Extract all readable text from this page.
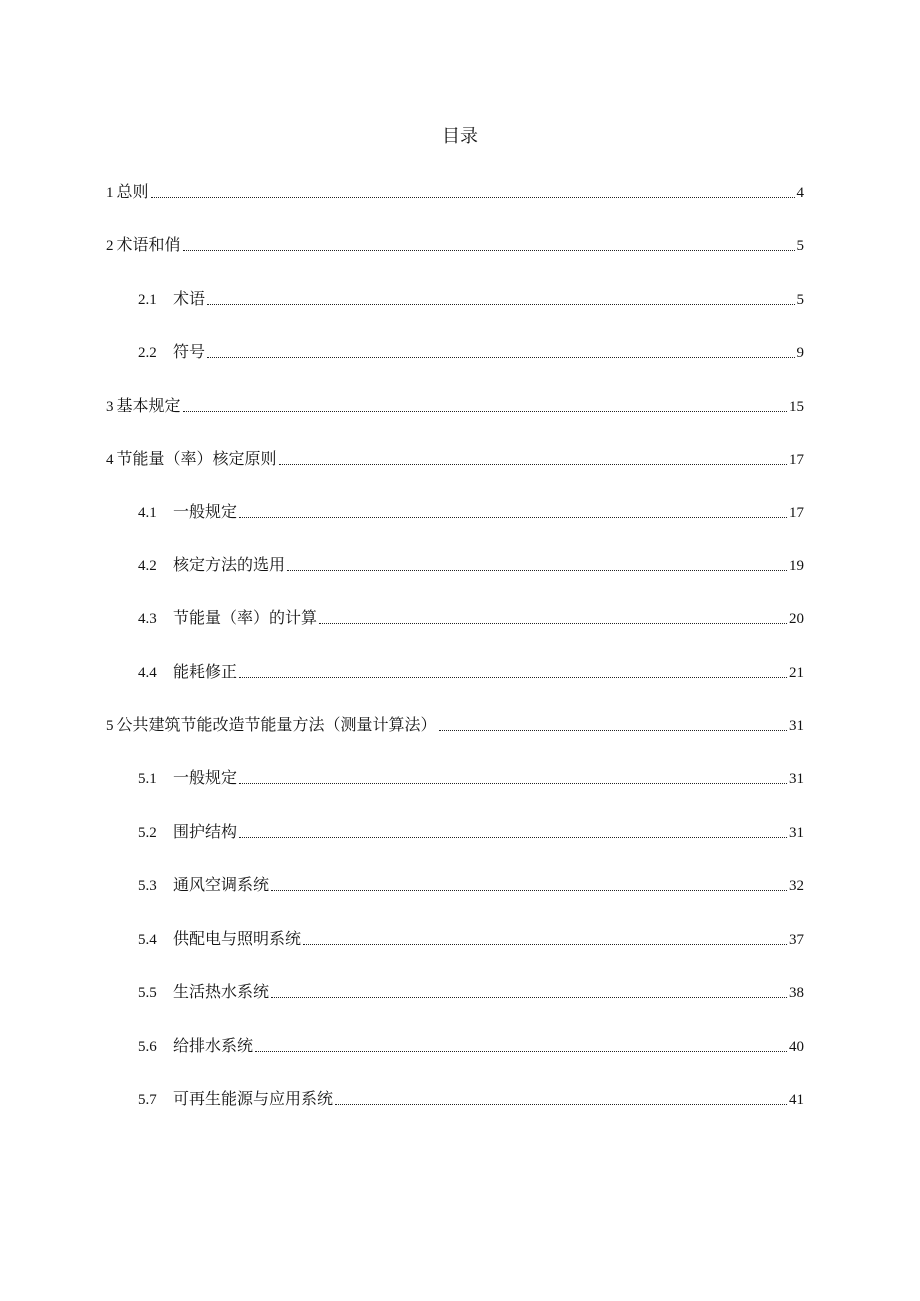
目录
1 总则	4
2 术语和俏	5
2.1	术语	5
2.2	符号	9
3 基本规定	15
4 节能量（率）核定原则	17
4.1	一般规定	17
4.2	核定方法的选用	19
4.3	节能量（率）的计算	20
4.4	能耗修正	21
5 公共建筑节能改造节能量方法（测量计算法）	31
5.1	一般规定	31
5.2	围护结构	31
5.3	通风空调系统	32
5.4	供配电与照明系统	37
5.5	生活热水系统	38
5.6	给排水系统	40
5.7	可再生能源与应用系统	41
